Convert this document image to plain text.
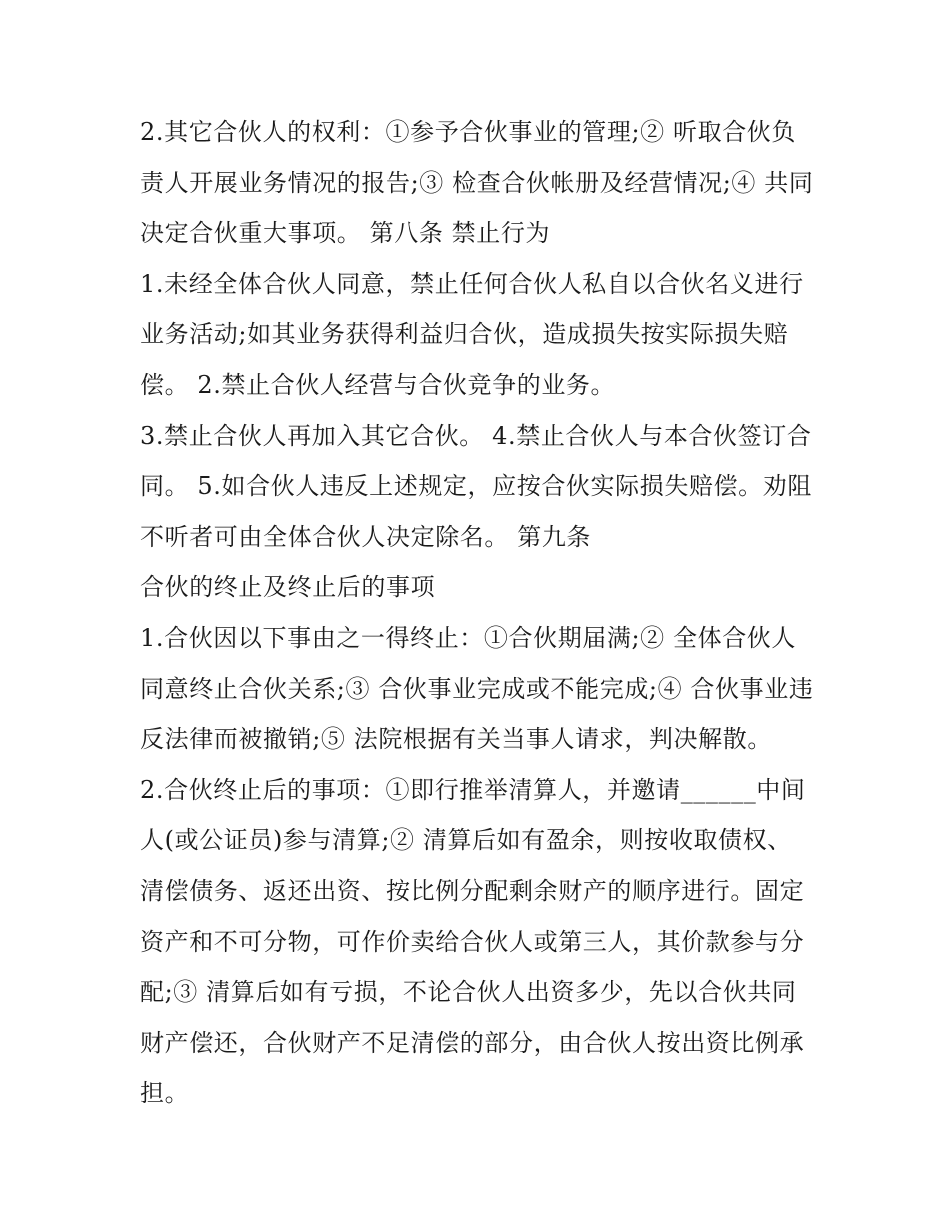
2.其它合伙人的权利：①参予合伙事业的管理;② 听取合伙负

责人开展业务情况的报告;③ 检查合伙帐册及经营情况;④ 共同

决定合伙重大事项。 第八条 禁止行为

1.未经全体合伙人同意，禁止任何合伙人私自以合伙名义进行

业务活动;如其业务获得利益归合伙，造成损失按实际损失赔

偿。 2.禁止合伙人经营与合伙竞争的业务。

3.禁止合伙人再加入其它合伙。 4.禁止合伙人与本合伙签订合

同。 5.如合伙人违反上述规定，应按合伙实际损失赔偿。劝阻

不听者可由全体合伙人决定除名。 第九条

合伙的终止及终止后的事项

1.合伙因以下事由之一得终止：①合伙期届满;② 全体合伙人

同意终止合伙关系;③ 合伙事业完成或不能完成;④ 合伙事业违

反法律而被撤销;⑤ 法院根据有关当事人请求，判决解散。

2.合伙终止后的事项：①即行推举清算人，并邀请______中间

人(或公证员)参与清算;② 清算后如有盈余，则按收取债权、

清偿债务、返还出资、按比例分配剩余财产的顺序进行。固定

资产和不可分物，可作价卖给合伙人或第三人，其价款参与分

配;③ 清算后如有亏损，不论合伙人出资多少，先以合伙共同

财产偿还，合伙财产不足清偿的部分，由合伙人按出资比例承

担。
